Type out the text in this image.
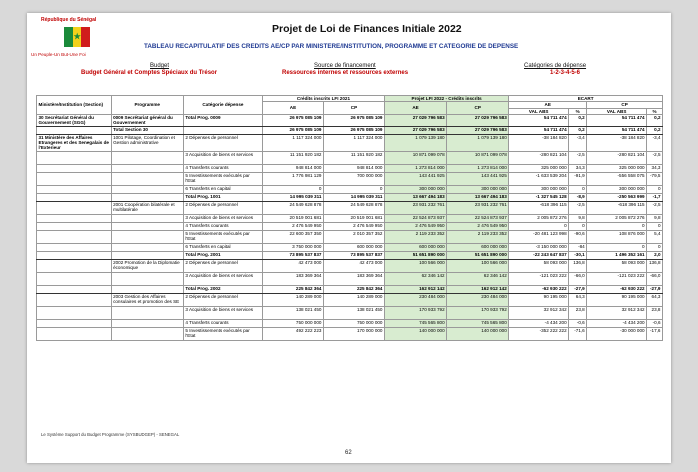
République du Sénégal
★
Un Peuple-Un But-Une Foi
Projet de Loi de Finances Initiale 2022
TABLEAU RECAPITULATIF DES CREDITS AE/CP PAR MINISTERE/INSTITUTION, PROGRAMME ET CATEGORIE DE DEPENSE
Budget
Budget Général et Comptes Spéciaux du Trésor
Source de financement
Ressources internes et ressources externes
Catégories de dépense
1-2-3-4-5-6
Ministère/Institution (Section)	Programme	Catégorie dépense	Crédits inscrits LFI 2021		Projet LFI 2022 - Crédits inscrits		ECART			
			AE	CP	AE	CP	AE		CP	
							VAL ABS	%	VAL ABS	%
30 Secrétariat Général du Gouvernement (SGG)	0009 Secrétariat général du Gouvernement	Total Prog. 0009	26 975 085 109	26 975 085 109	27 029 796 583	27 029 796 583	54 711 474	0,2	54 711 474	0,2
	Total Section 30		26 975 085 109	26 975 085 109	27 029 796 583	27 029 796 583	54 711 474	0,2	54 711 474	0,2
31 Ministère des Affaires Etrangeres et des Senegalais de l'Exterieur	1001 Pilotage, Coordination et Gestion administrative	2 Dépenses de personnel	1 117 324 000	1 117 324 000	1 079 139 180	1 079 139 180	-38 184 820	-3,4	-38 184 820	-3,4
		3 Acquisition de biens et services	11 151 920 182	11 151 920 182	10 871 099 078	10 871 099 078	-280 821 104	-2,5	-280 821 104	-2,5
		4 Transferts courants	948 814 000	948 814 000	1 273 814 000	1 273 814 000	325 000 000	34,3	325 000 000	34,3
		5 Investissements exécutés par l'Etat	1 776 981 129	700 000 000	143 441 925	143 441 925	-1 633 539 204	-91,9	-556 558 075	-79,5
		6 Transferts en capital	0	0	300 000 000	300 000 000	300 000 000	0	300 000 000	0
		Total Prog. 1001	14 995 039 311	14 995 039 311	13 667 494 183	13 667 494 183	-1 327 545 128	-8,9	-250 563 999	-1,7
	2001 Coopération bilatérale et multilatérale	2 Dépenses de personnel	24 549 628 878	24 549 628 878	23 931 232 761	23 931 232 761	-618 396 115	-2,5	-618 396 115	-2,5
		3 Acquisition de biens et services	20 519 001 681	20 519 001 681	22 524 873 937	22 524 873 937	2 005 872 276	9,8	2 005 872 276	9,8
		4 Transferts courants	2 476 549 950	2 476 549 950	2 476 549 950	2 476 549 950	0	0	0	0
		5 Investissements exécutés par l'Etat	22 600 357 350	2 010 357 352	2 119 233 352	2 119 233 352	-20 481 123 998	-90,6	108 876 000	5,4
		6 Transferts en capital	3 750 000 000	600 000 000	600 000 000	600 000 000	-3 150 000 000	-84	0	0
		Total Prog. 2001	73 895 537 837	73 895 537 837	51 651 890 000	51 651 890 000	-22 243 647 837	-30,1	1 496 352 161	2,0
	2002 Promotion de la Diplomatie économique	2 Dépenses de personnel	42 473 000	42 473 000	100 566 000	100 566 000	58 093 000	136,8	58 093 000	136,8
		3 Acquisition de biens et services	183 369 364	183 369 364	62 346 142	62 346 142	-121 023 222	-66,0	-121 023 222	-66,0
		Total Prog. 2002	225 842 364	225 842 364	162 912 142	162 912 142	-62 930 222	-27,9	-62 930 222	-27,9
	2003 Gestion des Affaires consulaires et promotion des SE	2 Dépenses de personnel	140 289 000	140 289 000	230 484 000	230 484 000	90 195 000	64,3	90 195 000	64,3
		3 Acquisition de biens et services	138 021 450	138 021 450	170 933 792	170 933 792	32 912 342	23,8	32 912 342	23,8
		4 Transferts courants	750 000 000	750 000 000	745 565 800	745 565 800	-4 434 200	-0,6	-4 434 200	-0,6
		5 Investissements exécutés par l'Etat	492 222 223	170 000 000	140 000 000	140 000 000	-352 222 222	-71,6	-30 000 000	-17,6
Le Système Support du Budget Programme (SYSBUDGEP) - SENEGAL
62
